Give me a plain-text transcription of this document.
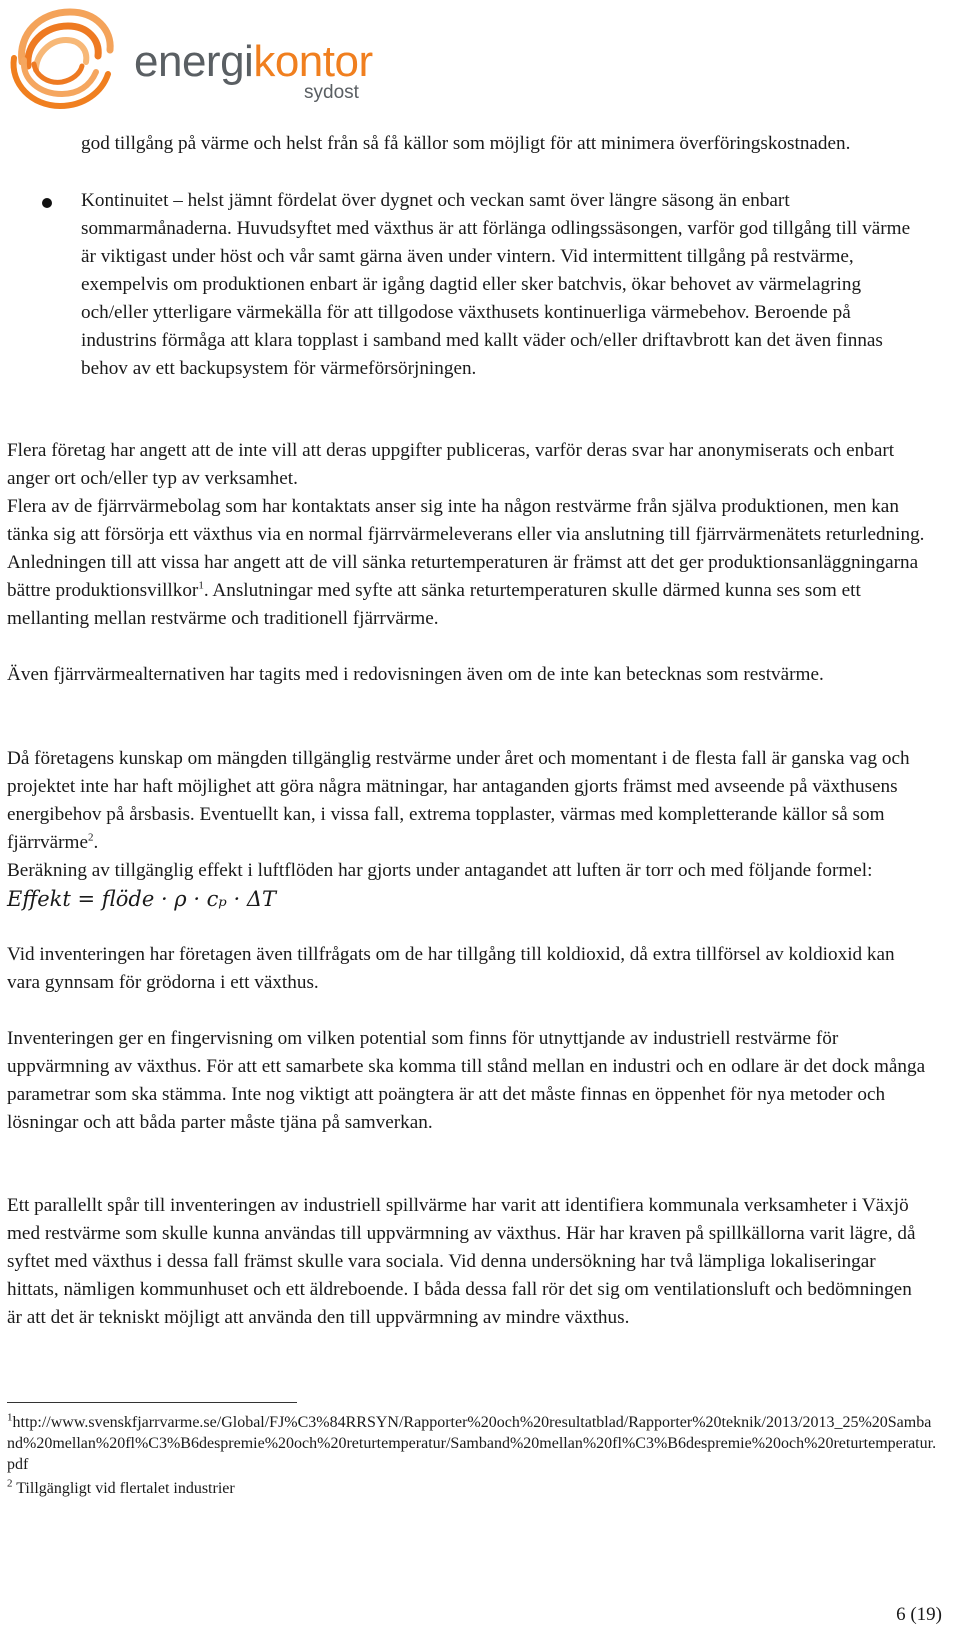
energikontor
sydost

god tillgång på värme och helst från så få källor som möjligt för att minimera överföringskostnaden.

Kontinuitet – helst jämnt fördelat över dygnet och veckan samt över längre säsong än enbart sommarmånaderna. Huvudsyftet med växthus är att förlänga odlingssäsongen, varför god tillgång till värme är viktigast under höst och vår samt gärna även under vintern. Vid intermittent tillgång på restvärme, exempelvis om produktionen enbart är igång dagtid eller sker batchvis, ökar behovet av värmelagring och/eller ytterligare värmekälla för att tillgodose växthusets kontinuerliga värmebehov. Beroende på industrins förmåga att klara topplast i samband med kallt väder och/eller driftavbrott kan det även finnas behov av ett backupsystem för värmeförsörjningen.

Flera företag har angett att de inte vill att deras uppgifter publiceras, varför deras svar har anonymiserats och enbart anger ort och/eller typ av verksamhet.

Flera av de fjärrvärmebolag som har kontaktats anser sig inte ha någon restvärme från själva produktionen, men kan tänka sig att försörja ett växthus via en normal fjärrvärmeleverans eller via anslutning till fjärrvärmenätets returledning. Anledningen till att vissa har angett att de vill sänka returtemperaturen är främst att det ger produktionsanläggningarna bättre produktionsvillkor$^1$. Anslutningar med syfte att sänka returtemperaturen skulle därmed kunna ses som ett mellanting mellan restvärme och traditionell fjärrvärme.

Även fjärrvärmealternativen har tagits med i redovisningen även om de inte kan betecknas som restvärme.

Då företagens kunskap om mängden tillgänglig restvärme under året och momentant i de flesta fall är ganska vag och projektet inte har haft möjlighet att göra några mätningar, har antaganden gjorts främst med avseende på växthusens energibehov på årsbasis. Eventuellt kan, i vissa fall, extrema topplaster, värmas med kompletterande källor så som fjärrvärme$^2$.

Beräkning av tillgänglig effekt i luftflöden har gjorts under antagandet att luften är torr och med följande formel: Effekt = flöde · ρ · cₚ · ΔT

Vid inventeringen har företagen även tillfrågats om de har tillgång till koldioxid, då extra tillförsel av koldioxid kan vara gynnsam för grödorna i ett växthus.

Inventeringen ger en fingervisning om vilken potential som finns för utnyttjande av industriell restvärme för uppvärmning av växthus. För att ett samarbete ska komma till stånd mellan en industri och en odlare är det dock många parametrar som ska stämma. Inte nog viktigt att poängtera är att det måste finnas en öppenhet för nya metoder och lösningar och att båda parter måste tjäna på samverkan.

Ett parallellt spår till inventeringen av industriell spillvärme har varit att identifiera kommunala verksamheter i Växjö med restvärme som skulle kunna användas till uppvärmning av växthus. Här har kraven på spillkällorna varit lägre, då syftet med växthus i dessa fall främst skulle vara sociala. Vid denna undersökning har två lämpliga lokaliseringar hittats, nämligen kommunhuset och ett äldreboende. I båda dessa fall rör det sig om ventilationsluft och bedömningen är att det är tekniskt möjligt att använda den till uppvärmning av mindre växthus.

$^1$http://www.svenskfjarrvarme.se/Global/FJ%C3%84RRSYN/Rapporter%20och%20resultatblad/Rapporter%20teknik/2013/2013_25%20Samband%20mellan%20fl%C3%B6despremie%20och%20returtemperatur/Samband%20mellan%20fl%C3%B6despremie%20och%20returtemperatur.pdf

$^2$ Tillgängligt vid flertalet industrier

6 (19)
